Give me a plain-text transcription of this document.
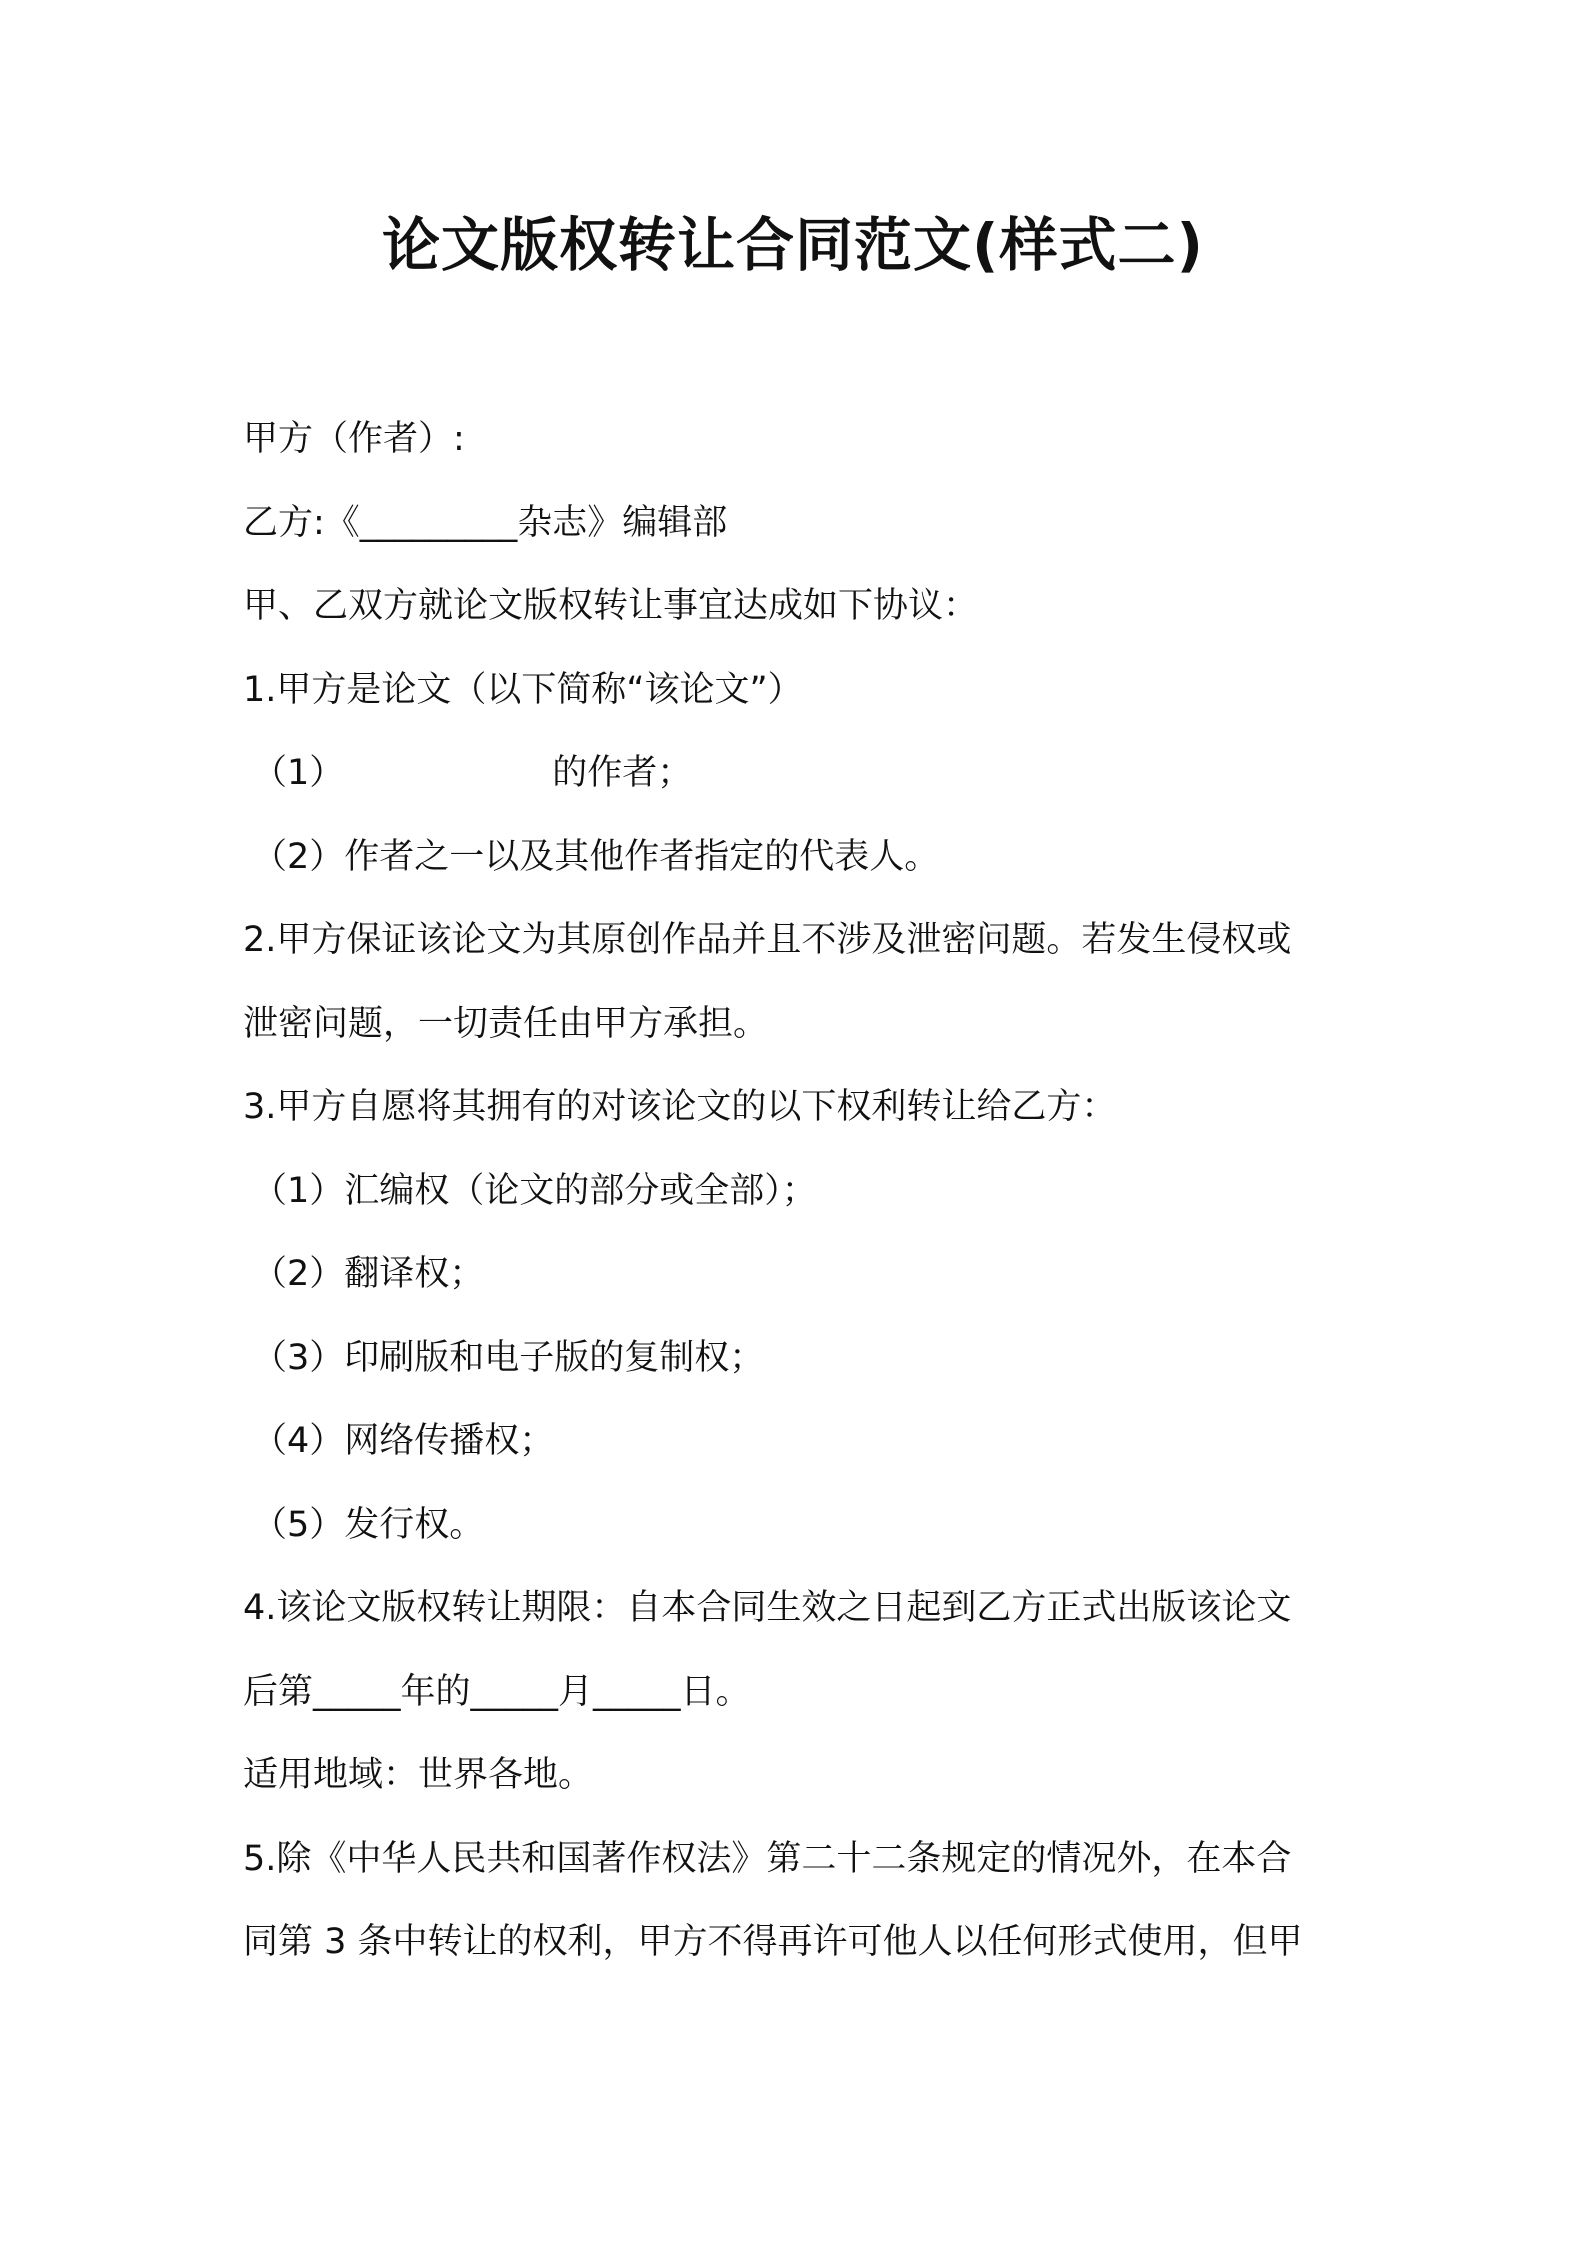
论文版权转让合同范文(样式二)
甲方（作者）:
乙方:《_________杂志》编辑部
甲、乙双方就论文版权转让事宜达成如下协议：
1.甲方是论文（以下简称“该论文”）
（1）	的作者；
（2）作者之一以及其他作者指定的代表人。
2.甲方保证该论文为其原创作品并且不涉及泄密问题。若发生侵权或
泄密问题，一切责任由甲方承担。
3.甲方自愿将其拥有的对该论文的以下权利转让给乙方：
（1）汇编权（论文的部分或全部）；
（2）翻译权；
（3）印刷版和电子版的复制权；
（4）网络传播权；
（5）发行权。
4.该论文版权转让期限：自本合同生效之日起到乙方正式出版该论文
后第_____年的_____月_____日。
适用地域：世界各地。
5.除《中华人民共和国著作权法》第二十二条规定的情况外，在本合
同第 3 条中转让的权利，甲方不得再许可他人以任何形式使用，但甲
